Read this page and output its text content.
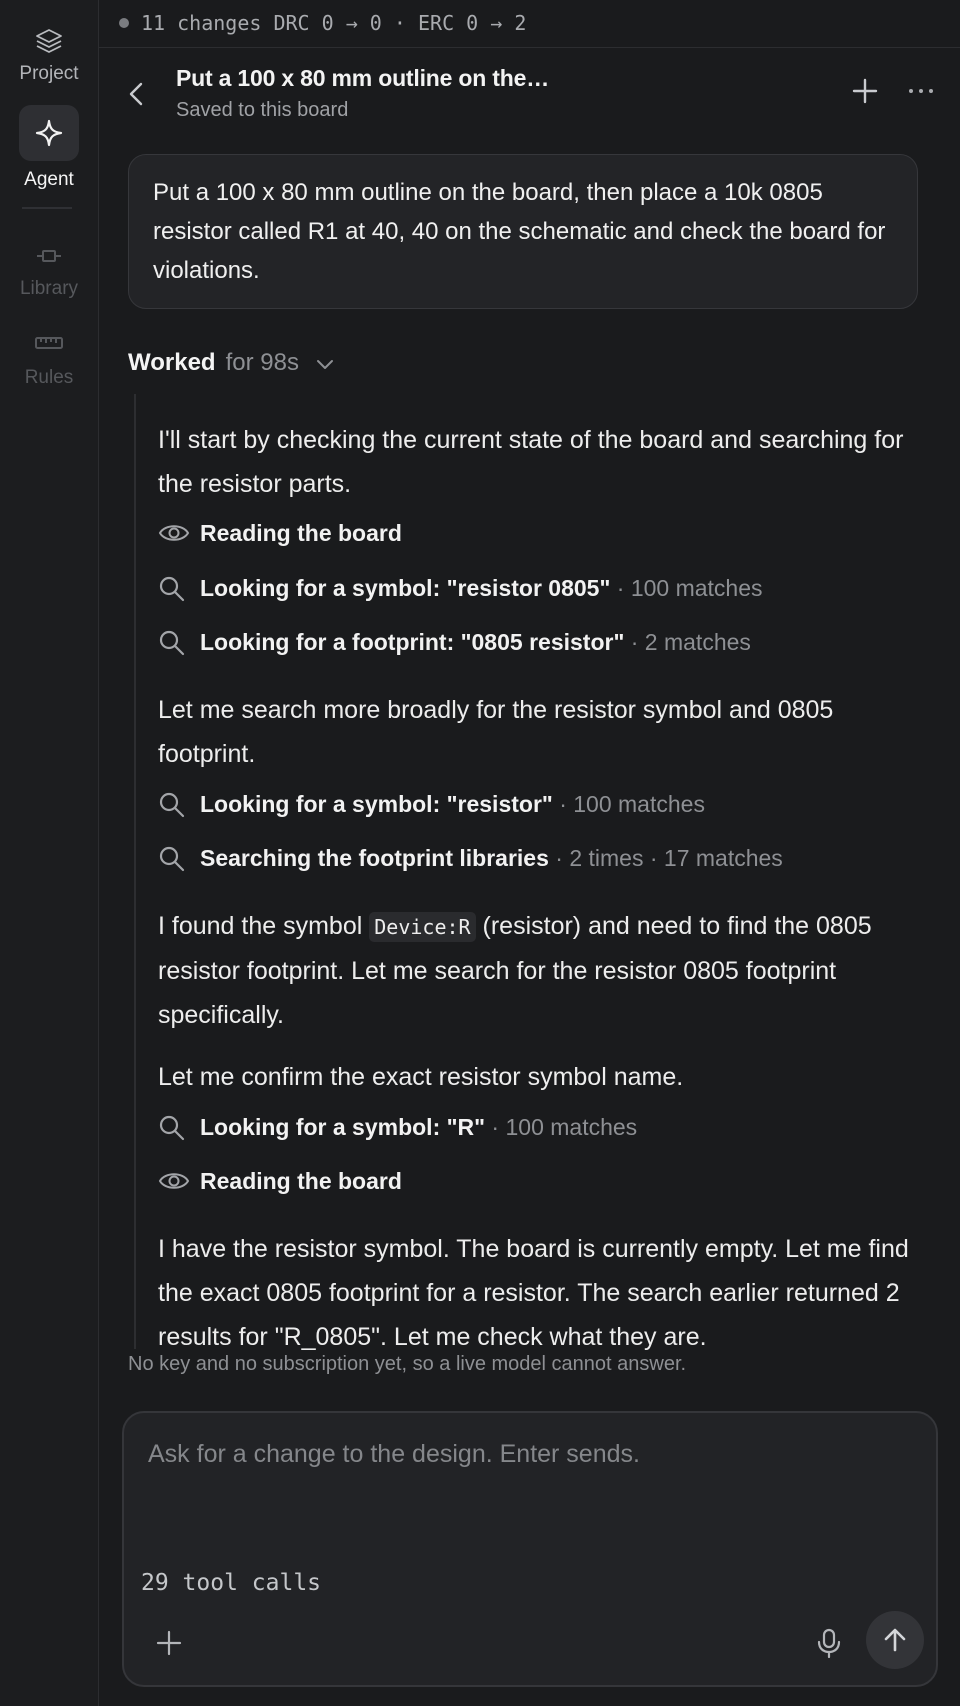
Project
Agent
Library
Rules
11 changes DRC 0 → 0 · ERC 0 → 2
Put a 100 x 80 mm outline on the…
Saved to this board
Put a 100 x 80 mm outline on the board, then place a 10k 0805 resistor called R1 at 40, 40 on the schematic and check the board for violations.
Worked for 98s
I'll start by checking the current state of the board and searching for the resistor parts.
Reading the board
Looking for a symbol: "resistor 0805" · 100 matches
Looking for a footprint: "0805 resistor" · 2 matches
Let me search more broadly for the resistor symbol and 0805 footprint.
Looking for a symbol: "resistor" · 100 matches
Searching the footprint libraries · 2 times · 17 matches
I found the symbol Device:R (resistor) and need to find the 0805 resistor footprint. Let me search for the resistor 0805 footprint specifically.
Let me confirm the exact resistor symbol name.
Looking for a symbol: "R" · 100 matches
Reading the board
I have the resistor symbol. The board is currently empty. Let me find the exact 0805 footprint for a resistor. The search earlier returned 2 results for "R_0805". Let me check what they are.
No key and no subscription yet, so a live model cannot answer.
Ask for a change to the design. Enter sends.
29 tool calls
